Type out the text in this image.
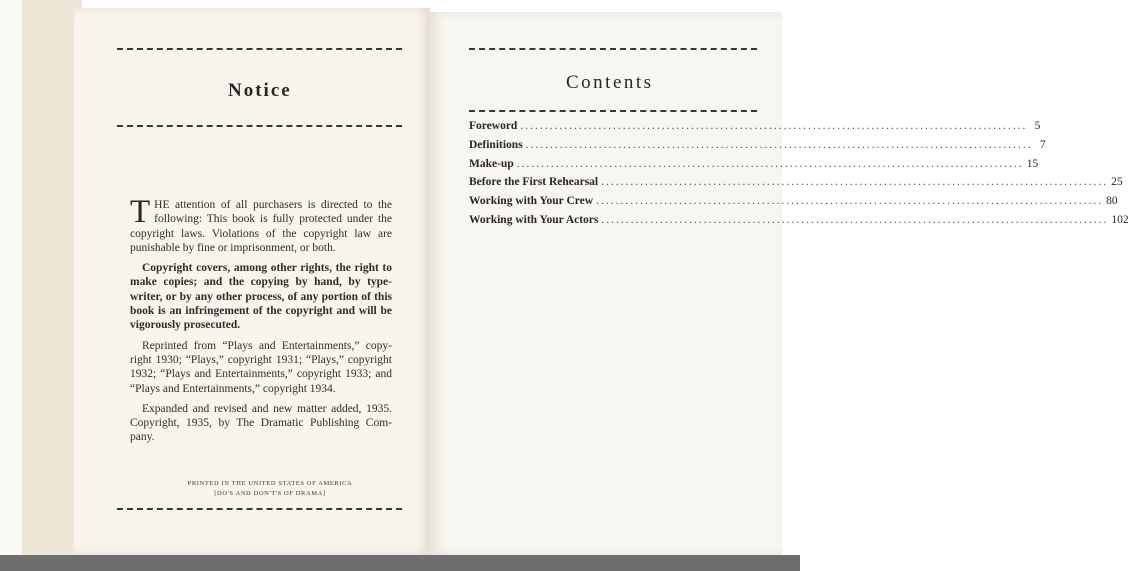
Notice

T HE attention of all purchasers is directed to the following: This book is fully protected under the copyright laws. Violations of the copyright law are punishable by fine or imprisonment, or both.

Copyright covers, among other rights, the right to make copies; and the copying by hand, by type-writer, or by any other process, of any portion of this book is an infringement of the copyright and will be vigorously prosecuted.

Reprinted from “Plays and Entertainments,” copy-right 1930; “Plays,” copyright 1931; “Plays,” copyright 1932; “Plays and Entertainments,” copyright 1933; and “Plays and Entertainments,” copyright 1934.

Expanded and revised and new matter added, 1935. Copyright, 1935, by The Dramatic Publishing Com-pany.

PRINTED IN THE UNITED STATES OF AMERICA
[DO'S AND DON'T'S OF DRAMA]
Contents
Foreword ........................................................................................................ 5
Definitions ........................................................................................................ 7
Make-up ........................................................................................................ 15
Before the First Rehearsal ........................................................................................................ 25
Working with Your Crew ........................................................................................................ 80
Working with Your Actors ........................................................................................................ 102
